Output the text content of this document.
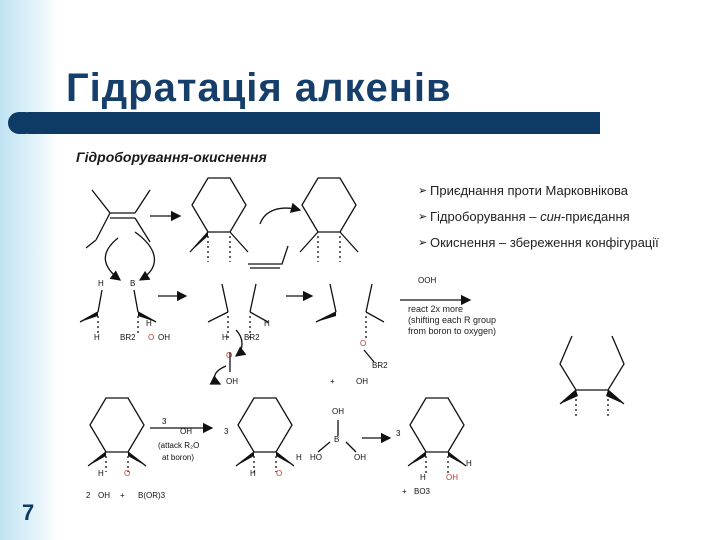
Гідратація алкенів
Гідроборування-окиснення
➢ Приєднання проти Марковнікова
➢ Гідроборування – син-приєдання
➢ Окиснення – збереження конфігурації
H	B
H	BR2
H
O OH	H BR2
H
O
OH
O
BR2
+	OH
OOH
react 2x more
(shifting each R group
from boron to oxygen)
3
OH
(attack R₂O
at boron)
H	O
2 OH + B(OR)3
3
H	O
H
OH
B
HO	OH
3
H	OH
H
+ BO3
7
